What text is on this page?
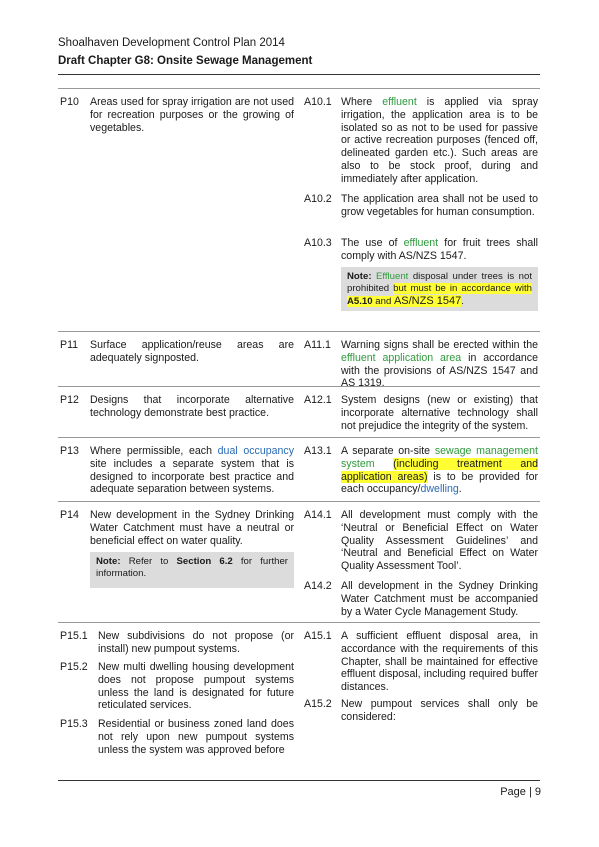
Shoalhaven Development Control Plan 2014
Draft Chapter G8: Onsite Sewage Management
P10 Areas used for spray irrigation are not used for recreation purposes or the growing of vegetables.
A10.1 Where effluent is applied via spray irrigation, the application area is to be isolated so as not to be used for passive or active recreation purposes (fenced off, delineated garden etc.). Such areas are also to be stock proof, during and immediately after application.
A10.2 The application area shall not be used to grow vegetables for human consumption.
A10.3 The use of effluent for fruit trees shall comply with AS/NZS 1547.
Note: Effluent disposal under trees is not prohibited but must be in accordance with A5.10 and AS/NZS 1547.
P11 Surface application/reuse areas are adequately signposted.
A11.1 Warning signs shall be erected within the effluent application area in accordance with the provisions of AS/NZS 1547 and AS 1319.
P12 Designs that incorporate alternative technology demonstrate best practice.
A12.1 System designs (new or existing) that incorporate alternative technology shall not prejudice the integrity of the system.
P13 Where permissible, each dual occupancy site includes a separate system that is designed to incorporate best practice and adequate separation between systems.
A13.1 A separate on-site sewage management system (including treatment and application areas) is to be provided for each occupancy/dwelling.
P14 New development in the Sydney Drinking Water Catchment must have a neutral or beneficial effect on water quality.
Note: Refer to Section 6.2 for further information.
A14.1 All development must comply with the ‘Neutral or Beneficial Effect on Water Quality Assessment Guidelines’ and ‘Neutral and Beneficial Effect on Water Quality Assessment Tool’.
A14.2 All development in the Sydney Drinking Water Catchment must be accompanied by a Water Cycle Management Study.
P15.1 New subdivisions do not propose (or install) new pumpout systems.
P15.2 New multi dwelling housing development does not propose pumpout systems unless the land is designated for future reticulated services.
P15.3 Residential or business zoned land does not rely upon new pumpout systems unless the system was approved before
A15.1 A sufficient effluent disposal area, in accordance with the requirements of this Chapter, shall be maintained for effective effluent disposal, including required buffer distances.
A15.2 New pumpout services shall only be considered:
Page | 9
